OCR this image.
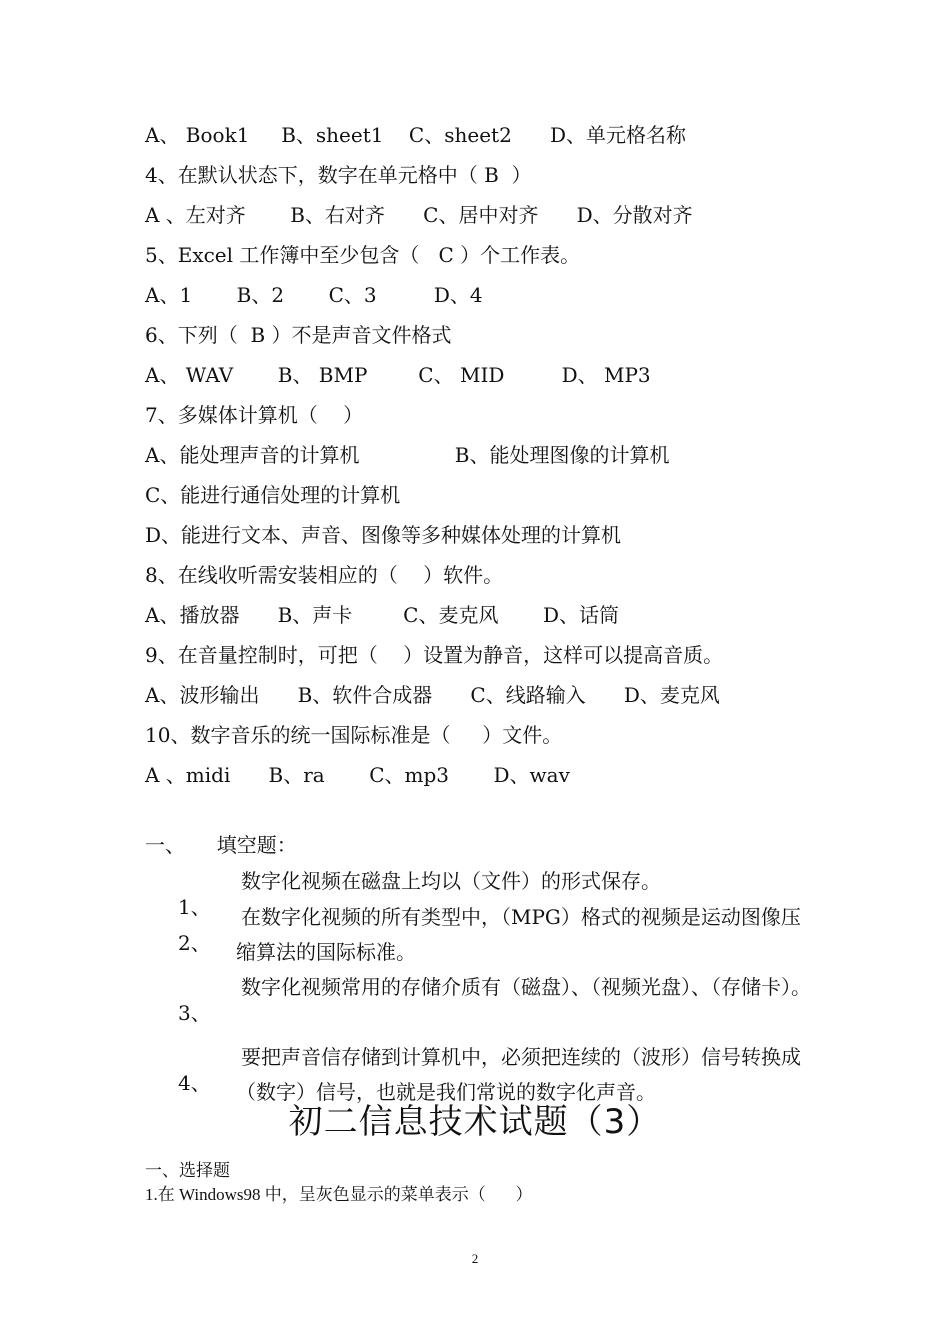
A、 Book1     B、sheet1    C、sheet2      D、单元格名称
4、在默认状态下，数字在单元格中（ B  ）
A 、左对齐       B、右对齐      C、居中对齐      D、分散对齐
5、Excel 工作簿中至少包含（   C ）个工作表。
A、1       B、2       C、3         D、4
6、下列（  B ）不是声音文件格式
A、 WAV       B、 BMP        C、 MID         D、 MP3
7、多媒体计算机（    ）
A、能处理声音的计算机               B、能处理图像的计算机
C、能进行通信处理的计算机
D、能进行文本、声音、图像等多种媒体处理的计算机
8、在线收听需安装相应的（    ）软件。
A、播放器      B、声卡        C、麦克风       D、话筒
9、在音量控制时，可把（    ）设置为静音，这样可以提高音质。
A、波形输出      B、软件合成器      C、线路输入      D、麦克风
10、数字音乐的统一国际标准是（     ）文件。
A 、midi      B、ra       C、mp3       D、wav
一、     填空题：

1、

数字化视频在磁盘上均以（文件）的形式保存。

2、

在数字化视频的所有类型中，（MPG）格式的视频是运动图像压缩算法的国际标准。

3、

数字化视频常用的存储介质有（磁盘）、（视频光盘）、（存储卡）。

4、

要把声音信存储到计算机中，必须把连续的（波形）信号转换成（数字）信号，也就是我们常说的数字化声音。

初二信息技术试题（3）
一、选择题
1.在 Windows98 中，呈灰色显示的菜单表示（       ）
2
